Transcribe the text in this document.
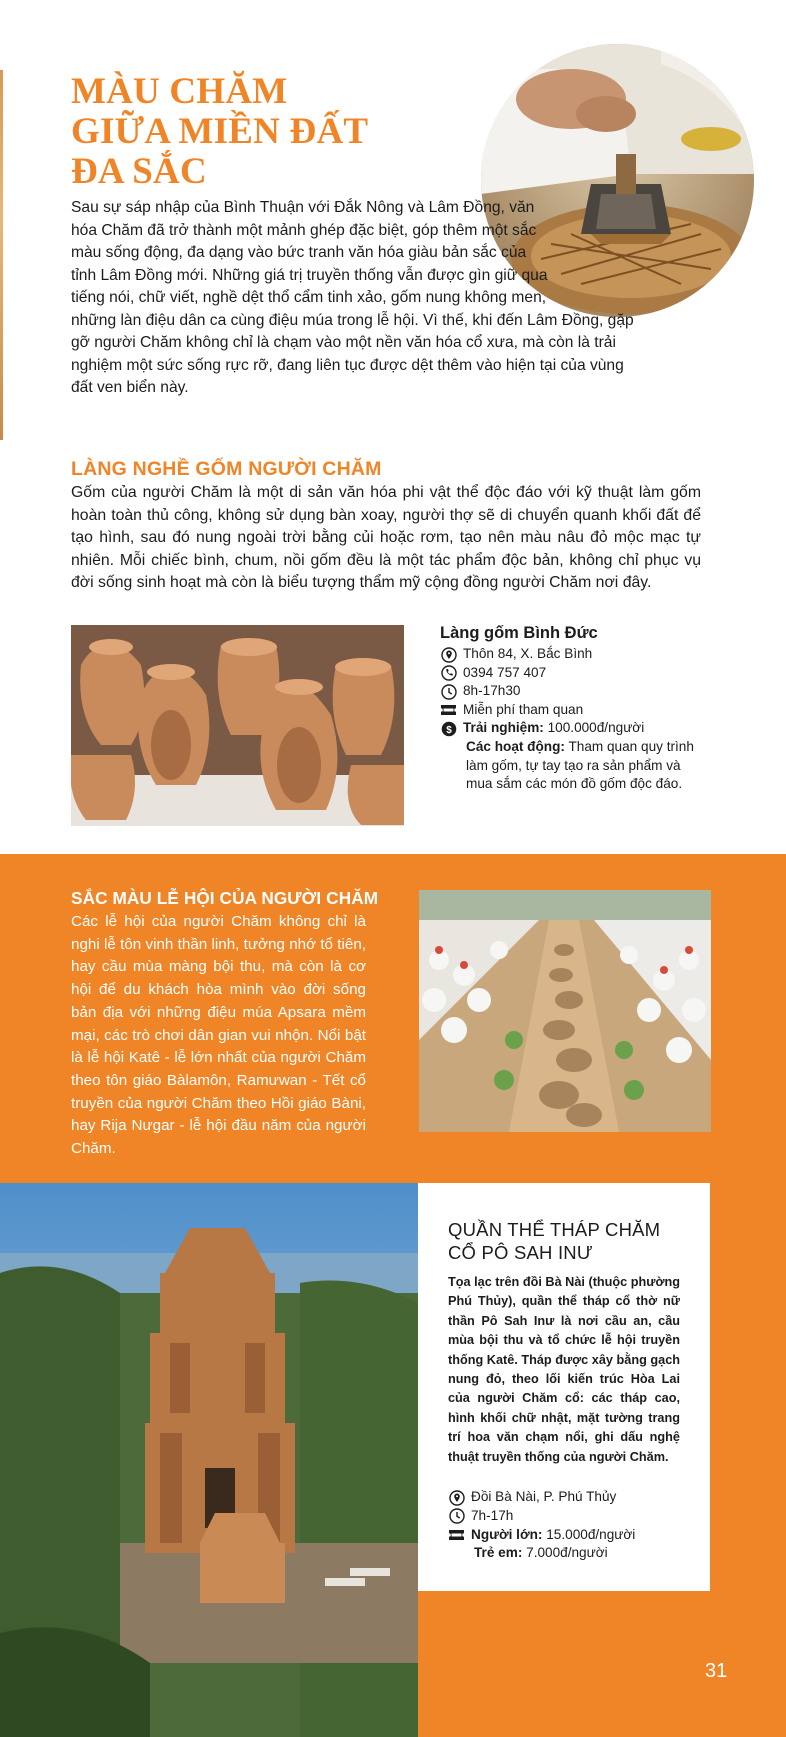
MÀU CHĂM
GIỮA MIỀN ĐẤT
ĐA SẮC
Sau sự sáp nhập của Bình Thuận với Đắk Nông và Lâm Đồng, văn hóa Chăm đã trở thành một mảnh ghép đặc biệt, góp thêm một sắc màu sống động, đa dạng vào bức tranh văn hóa giàu bản sắc của tỉnh Lâm Đồng mới. Những giá trị truyền thống vẫn được gìn giữ qua tiếng nói, chữ viết, nghề dệt thổ cẩm tinh xảo, gốm nung không men, những làn điệu dân ca cùng điệu múa trong lễ hội. Vì thế, khi đến Lâm Đồng, gặp gỡ người Chăm không chỉ là chạm vào một nền văn hóa cổ xưa, mà còn là trải nghiệm một sức sống rực rỡ, đang liên tục được dệt thêm vào hiện tại của vùng đất ven biển này.
LÀNG NGHỀ GỐM NGƯỜI CHĂM

Gốm của người Chăm là một di sản văn hóa phi vật thể độc đáo với kỹ thuật làm gốm hoàn toàn thủ công, không sử dụng bàn xoay, người thợ sẽ di chuyển quanh khối đất để tạo hình, sau đó nung ngoài trời bằng củi hoặc rơm, tạo nên màu nâu đỏ mộc mạc tự nhiên. Mỗi chiếc bình, chum, nồi gốm đều là một tác phẩm độc bản, không chỉ phục vụ đời sống sinh hoạt mà còn là biểu tượng thẩm mỹ cộng đồng người Chăm nơi đây.

Làng gốm Bình Đức
Thôn 84, X. Bắc Bình
0394 757 407
8h-17h30
Miễn phí tham quan
$ Trải nghiệm: 100.000đ/người
Các hoạt động: Tham quan quy trình làm gốm, tự tay tạo ra sản phẩm và mua sắm các món đồ gốm độc đáo.
SẮC MÀU LỄ HỘI CỦA NGƯỜI CHĂM

Các lễ hội của người Chăm không chỉ là nghi lễ tôn vinh thần linh, tưởng nhớ tổ tiên, hay cầu mùa màng bội thu, mà còn là cơ hội để du khách hòa mình vào đời sống bản địa với những điệu múa Apsara mềm mại, các trò chơi dân gian vui nhộn. Nổi bật là lễ hội Katê - lễ lớn nhất của người Chăm theo tôn giáo Bàlamôn, Ramưwan - Tết cổ truyền của người Chăm theo Hồi giáo Bàni, hay Rija Nưgar - lễ hội đầu năm của người Chăm.

QUẦN THỂ THÁP CHĂM CỔ PÔ SAH INƯ

Tọa lạc trên đồi Bà Nài (thuộc phường Phú Thủy), quần thể tháp cổ thờ nữ thần Pô Sah Inư là nơi cầu an, cầu mùa bội thu và tổ chức lễ hội truyền thống Katê. Tháp được xây bằng gạch nung đỏ, theo lối kiến trúc Hòa Lai của người Chăm cổ: các tháp cao, hình khối chữ nhật, mặt tường trang trí hoa văn chạm nổi, ghi dấu nghệ thuật truyền thống của người Chăm.

Đồi Bà Nài, P. Phú Thủy
7h-17h
Người lớn: 15.000đ/người
Trẻ em: 7.000đ/người
31
